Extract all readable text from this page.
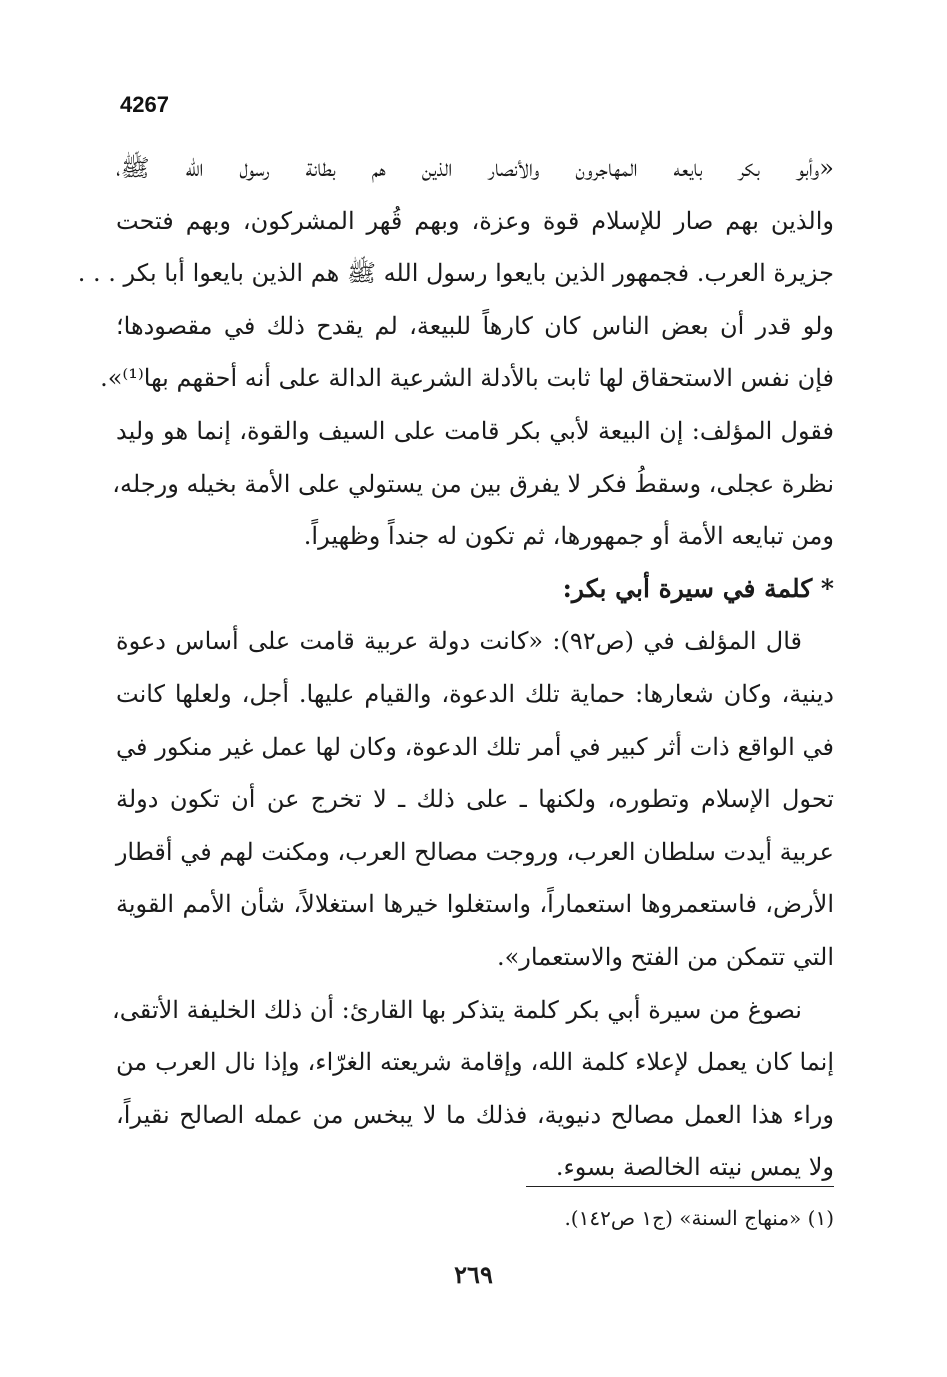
4267
«وأبو بكر بايعه المهاجرون والأنصار الذين هم بطانة رسول الله ﷺ،
والذين بهم صار للإسلام قوة وعزة، وبهم قُهر المشركون، وبهم فتحت
جزيرة العرب. فجمهور الذين بايعوا رسول الله ﷺ هم الذين بايعوا أبا بكر . . .
ولو قدر أن بعض الناس كان كارهاً للبيعة، لم يقدح ذلك في مقصودها؛
فإن نفس الاستحقاق لها ثابت بالأدلة الشرعية الدالة على أنه أحقهم بها⁽¹⁾».
فقول المؤلف: إن البيعة لأبي بكر قامت على السيف والقوة، إنما هو وليد
نظرة عجلى، وسقطُ فكر لا يفرق بين من يستولي على الأمة بخيله ورجله،
ومن تبايعه الأمة أو جمهورها، ثم تكون له جنداً وظهيراً.
* كلمة في سيرة أبي بكر:
قال المؤلف في (ص٩٢): «كانت دولة عربية قامت على أساس دعوة
دينية، وكان شعارها: حماية تلك الدعوة، والقيام عليها. أجل، ولعلها كانت
في الواقع ذات أثر كبير في أمر تلك الدعوة، وكان لها عمل غير منكور في
تحول الإسلام وتطوره، ولكنها ـ على ذلك ـ لا تخرج عن أن تكون دولة
عربية أيدت سلطان العرب، وروجت مصالح العرب، ومكنت لهم في أقطار
الأرض، فاستعمروها استعماراً، واستغلوا خيرها استغلالاً، شأن الأمم القوية
التي تتمكن من الفتح والاستعمار».
نصوغ من سيرة أبي بكر كلمة يتذكر بها القارئ: أن ذلك الخليفة الأتقى،
إنما كان يعمل لإعلاء كلمة الله، وإقامة شريعته الغرّاء، وإذا نال العرب من
وراء هذا العمل مصالح دنيوية، فذلك ما لا يبخس من عمله الصالح نقيراً،
ولا يمس نيته الخالصة بسوء.
(١) «منهاج السنة» (ج١ ص١٤٢).
٢٦٩
